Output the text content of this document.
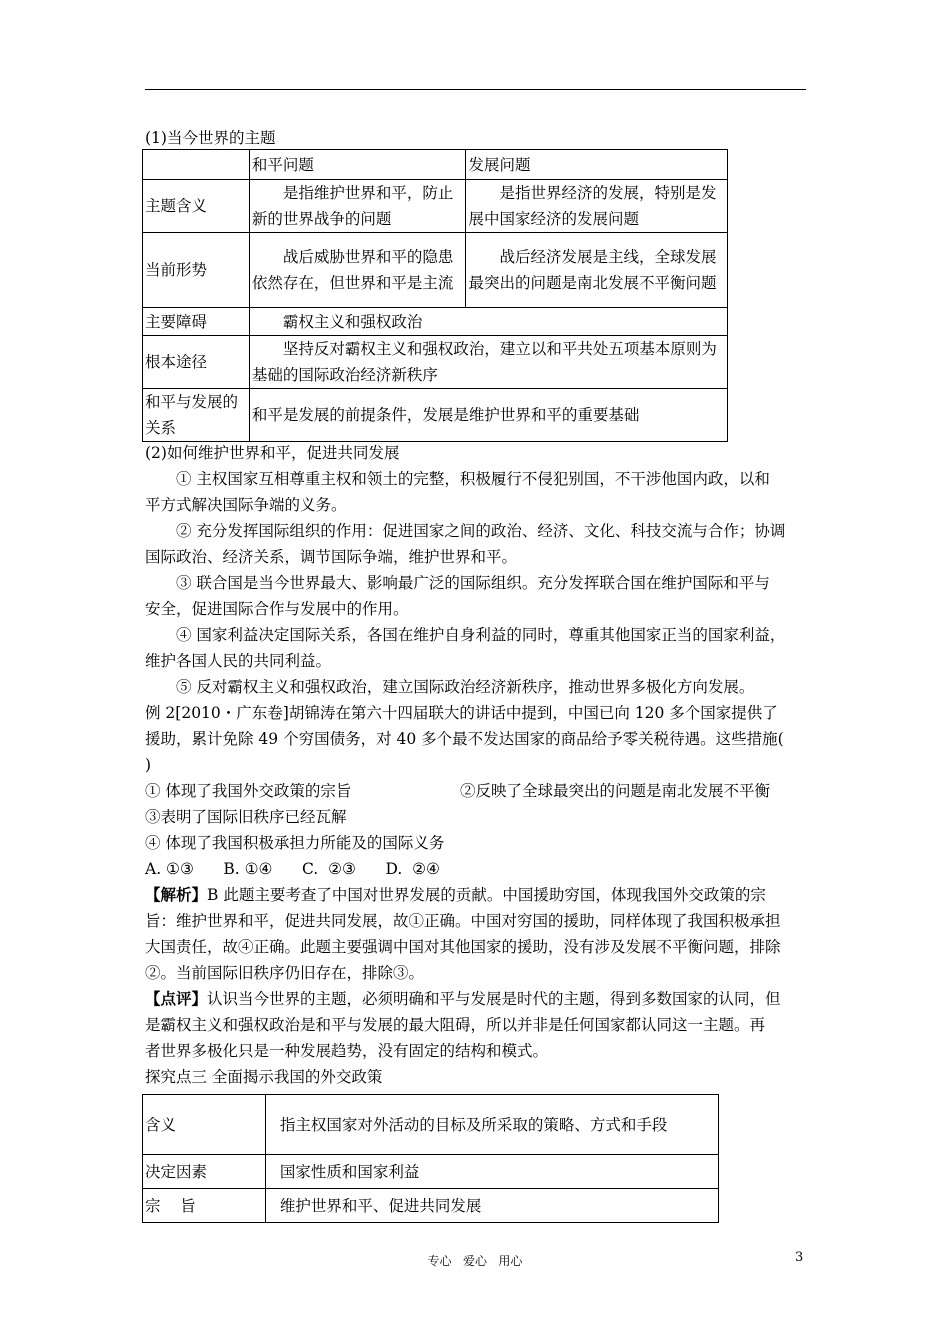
(1)当今世界的主题
	和平问题	发展问题
主题含义	是指维护世界和平，防止新的世界战争的问题	是指世界经济的发展，特别是发展中国家经济的发展问题
当前形势	战后威胁世界和平的隐患依然存在，但世界和平是主流	战后经济发展是主线，全球发展最突出的问题是南北发展不平衡问题
主要障碍	霸权主义和强权政治	
根本途径	坚持反对霸权主义和强权政治，建立以和平共处五项基本原则为基础的国际政治经济新秩序	
和平与发展的关系	和平是发展的前提条件，发展是维护世界和平的重要基础	
(2)如何维护世界和平，促进共同发展
① 主权国家互相尊重主权和领土的完整，积极履行不侵犯别国，不干涉他国内政，以和
平方式解决国际争端的义务。
② 充分发挥国际组织的作用：促进国家之间的政治、经济、文化、科技交流与合作；协调
国际政治、经济关系，调节国际争端，维护世界和平。
③ 联合国是当今世界最大、影响最广泛的国际组织。充分发挥联合国在维护国际和平与
安全，促进国际合作与发展中的作用。
④ 国家利益决定国际关系，各国在维护自身利益的同时，尊重其他国家正当的国家利益，
维护各国人民的共同利益。
⑤ 反对霸权主义和强权政治，建立国际政治经济新秩序，推动世界多极化方向发展。
例 2[2010・广东卷]胡锦涛在第六十四届联大的讲话中提到，中国已向 120 多个国家提供了
援助，累计免除 49 个穷国债务，对 40 多个最不发达国家的商品给予零关税待遇。这些措施(
)
① 体现了我国外交政策的宗旨	②反映了全球最突出的问题是南北发展不平衡
③表明了国际旧秩序已经瓦解
④ 体现了我国积极承担力所能及的国际义务
A. ①③      B. ①④      C.  ②③      D.  ②④
【解析】B 此题主要考查了中国对世界发展的贡献。中国援助穷国，体现我国外交政策的宗
旨：维护世界和平，促进共同发展，故①正确。中国对穷国的援助，同样体现了我国积极承担
大国责任，故④正确。此题主要强调中国对其他国家的援助，没有涉及发展不平衡问题，排除
②。当前国际旧秩序仍旧存在，排除③。
【点评】认识当今世界的主题，必须明确和平与发展是时代的主题，得到多数国家的认同，但
是霸权主义和强权政治是和平与发展的最大阻碍，所以并非是任何国家都认同这一主题。再
者世界多极化只是一种发展趋势，没有固定的结构和模式。
探究点三 全面揭示我国的外交政策
含义	指主权国家对外活动的目标及所采取的策略、方式和手段
决定因素	国家性质和国家利益
宗    旨	维护世界和平、促进共同发展
专心   爱心   用心	3
